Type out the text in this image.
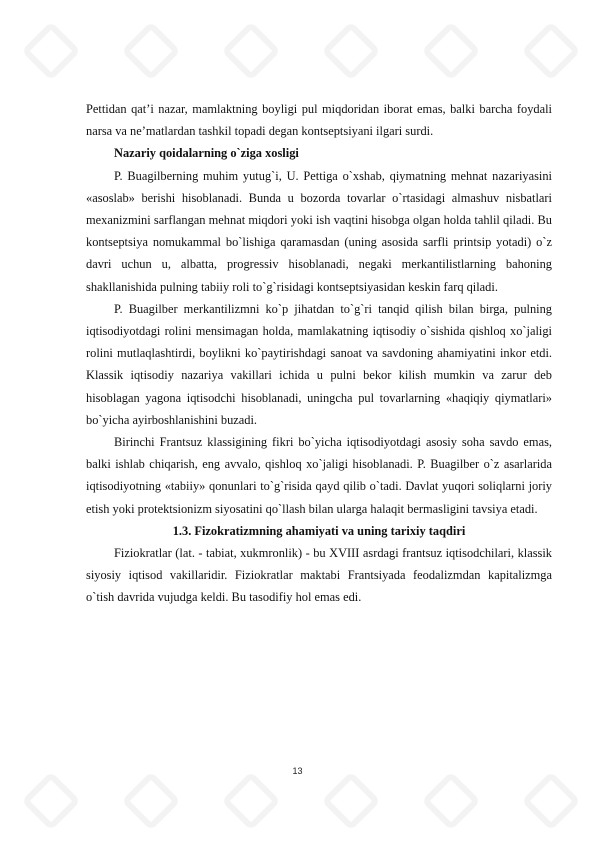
Pettidan qat’i nazar, mamlaktning boyligi pul miqdoridan iborat emas, balki barcha foydali narsa va ne’matlardan tashkil topadi degan kontseptsiyani ilgari surdi.

Nazariy qoidalarning o`ziga xosligi

P. Buagilberning muhim yutug`i, U. Pettiga o`xshab, qiymatning mehnat nazariyasini «asoslab» berishi hisoblanadi. Bunda u bozorda tovarlar o`rtasidagi almashuv nisbatlari mexanizmini sarflangan mehnat miqdori yoki ish vaqtini hisobga olgan holda tahlil qiladi. Bu kontseptsiya nomukammal bo`lishiga qaramasdan (uning asosida sarfli printsip yotadi) o`z davri uchun u, albatta, progressiv hisoblanadi, negaki merkantilistlarning bahoning shakllanishida pulning tabiiy roli to`g`risidagi kontseptsiyasidan keskin farq qiladi.

P. Buagilber merkantilizmni ko`p jihatdan to`g`ri tanqid qilish bilan birga, pulning iqtisodiyotdagi rolini mensimagan holda, mamlakatning iqtisodiy o`sishida qishloq xo`jaligi rolini mutlaqlashtirdi, boylikni ko`paytirishdagi sanoat va savdoning ahamiyatini inkor etdi. Klassik iqtisodiy nazariya vakillari ichida u pulni bekor kilish mumkin va zarur deb hisoblagan yagona iqtisodchi hisoblanadi, uningcha pul tovarlarning «haqiqiy qiymatlari» bo`yicha ayirboshlanishini buzadi.

Birinchi Frantsuz klassigining fikri bo`yicha iqtisodiyotdagi asosiy soha savdo emas, balki ishlab chiqarish, eng avvalo, qishloq xo`jaligi hisoblanadi. P. Buagilber o`z asarlarida iqtisodiyotning «tabiiy» qonunlari to`g`risida qayd qilib o`tadi. Davlat yuqori soliqlarni joriy etish yoki protektsionizm siyosatini qo`llash bilan ularga halaqit bermasligini tavsiya etadi.

1.3. Fizokratizmning ahamiyati va uning tarixiy taqdiri

Fiziokratlar (lat. - tabiat, xukmronlik) - bu XVIII asrdagi frantsuz iqtisodchilari, klassik siyosiy iqtisod vakillaridir. Fiziokratlar maktabi Frantsiyada feodalizmdan kapitalizmga o`tish davrida vujudga keldi. Bu tasodifiy hol emas edi.

13
